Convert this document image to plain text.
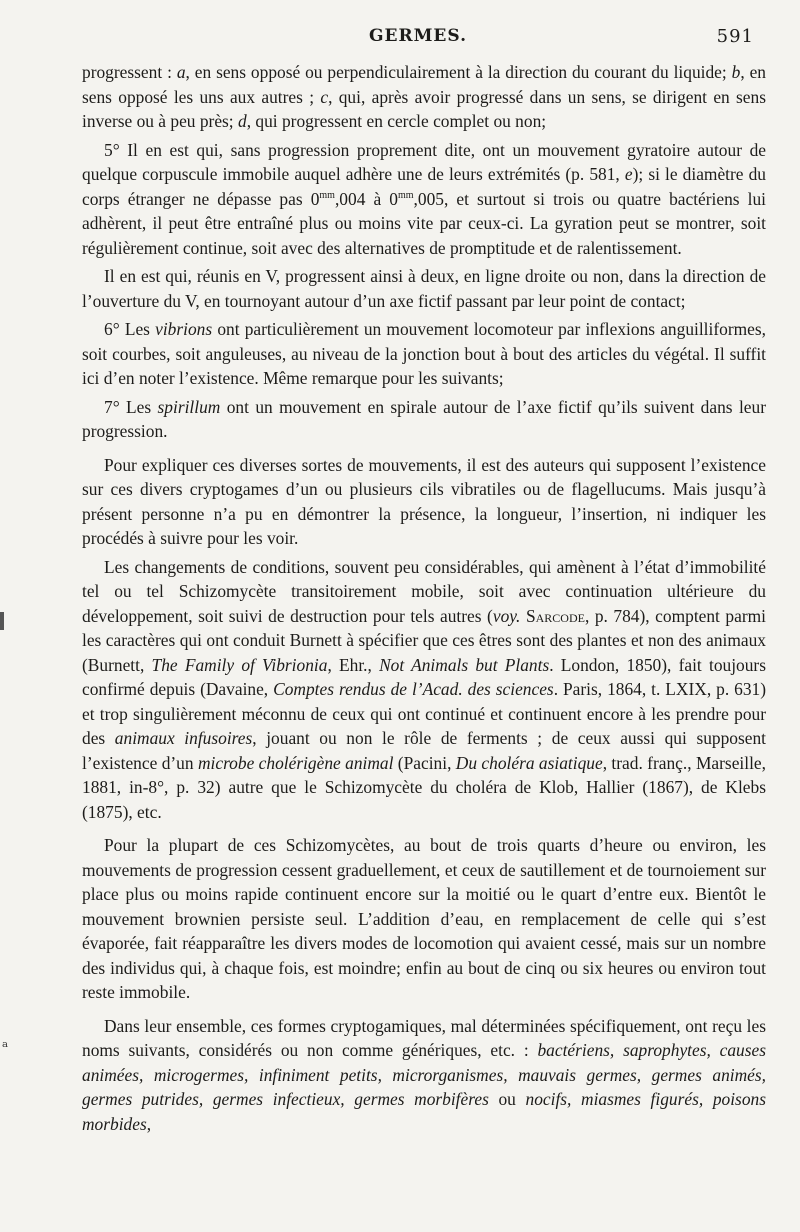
GERMES.	591

progressent : a, en sens opposé ou perpendiculairement à la direction du courant du liquide; b, en sens opposé les uns aux autres ; c, qui, après avoir progressé dans un sens, se dirigent en sens inverse ou à peu près; d, qui progressent en cercle complet ou non;

5° Il en est qui, sans progression proprement dite, ont un mouvement gyratoire autour de quelque corpuscule immobile auquel adhère une de leurs extrémités (p. 581, e); si le diamètre du corps étranger ne dépasse pas $0^{mm},004$ à $0^{mm},005$, et surtout si trois ou quatre bactériens lui adhèrent, il peut être entraîné plus ou moins vite par ceux-ci. La gyration peut se montrer, soit régulièrement continue, soit avec des alternatives de promptitude et de ralentissement.

Il en est qui, réunis en V, progressent ainsi à deux, en ligne droite ou non, dans la direction de l’ouverture du V, en tournoyant autour d’un axe fictif passant par leur point de contact;

6° Les vibrions ont particulièrement un mouvement locomoteur par inflexions anguilliformes, soit courbes, soit anguleuses, au niveau de la jonction bout à bout des articles du végétal. Il suffit ici d’en noter l’existence. Même remarque pour les suivants;

7° Les spirillum ont un mouvement en spirale autour de l’axe fictif qu’ils suivent dans leur progression.

Pour expliquer ces diverses sortes de mouvements, il est des auteurs qui supposent l’existence sur ces divers cryptogames d’un ou plusieurs cils vibratiles ou de flagellucums. Mais jusqu’à présent personne n’a pu en démontrer la présence, la longueur, l’insertion, ni indiquer les procédés à suivre pour les voir.

Les changements de conditions, souvent peu considérables, qui amènent à l’état d’immobilité tel ou tel Schizomycète transitoirement mobile, soit avec continuation ultérieure du développement, soit suivi de destruction pour tels autres (voy. Sarcode, p. 784), comptent parmi les caractères qui ont conduit Burnett à spécifier que ces êtres sont des plantes et non des animaux (Burnett, The Family of Vibrionia, Ehr., Not Animals but Plants. London, 1850), fait toujours confirmé depuis (Davaine, Comptes rendus de l’Acad. des sciences. Paris, 1864, t. LXIX, p. 631) et trop singulièrement méconnu de ceux qui ont continué et continuent encore à les prendre pour des animaux infusoires, jouant ou non le rôle de ferments ; de ceux aussi qui supposent l’existence d’un microbe cholérigène animal (Pacini, Du choléra asiatique, trad. franç., Marseille, 1881, in-8°, p. 32) autre que le Schizomycète du choléra de Klob, Hallier (1867), de Klebs (1875), etc.

Pour la plupart de ces Schizomycètes, au bout de trois quarts d’heure ou environ, les mouvements de progression cessent graduellement, et ceux de sautillement et de tournoiement sur place plus ou moins rapide continuent encore sur la moitié ou le quart d’entre eux. Bientôt le mouvement brownien persiste seul. L’addition d’eau, en remplacement de celle qui s’est évaporée, fait réapparaître les divers modes de locomotion qui avaient cessé, mais sur un nombre des individus qui, à chaque fois, est moindre; enfin au bout de cinq ou six heures ou environ tout reste immobile.

Dans leur ensemble, ces formes cryptogamiques, mal déterminées spécifiquement, ont reçu les noms suivants, considérés ou non comme génériques, etc. : bactériens, saprophytes, causes animées, microgermes, infiniment petits, microrganismes, mauvais germes, germes animés, germes putrides, germes infectieux, germes morbifères ou nocifs, miasmes figurés, poisons morbides,

ₐ
